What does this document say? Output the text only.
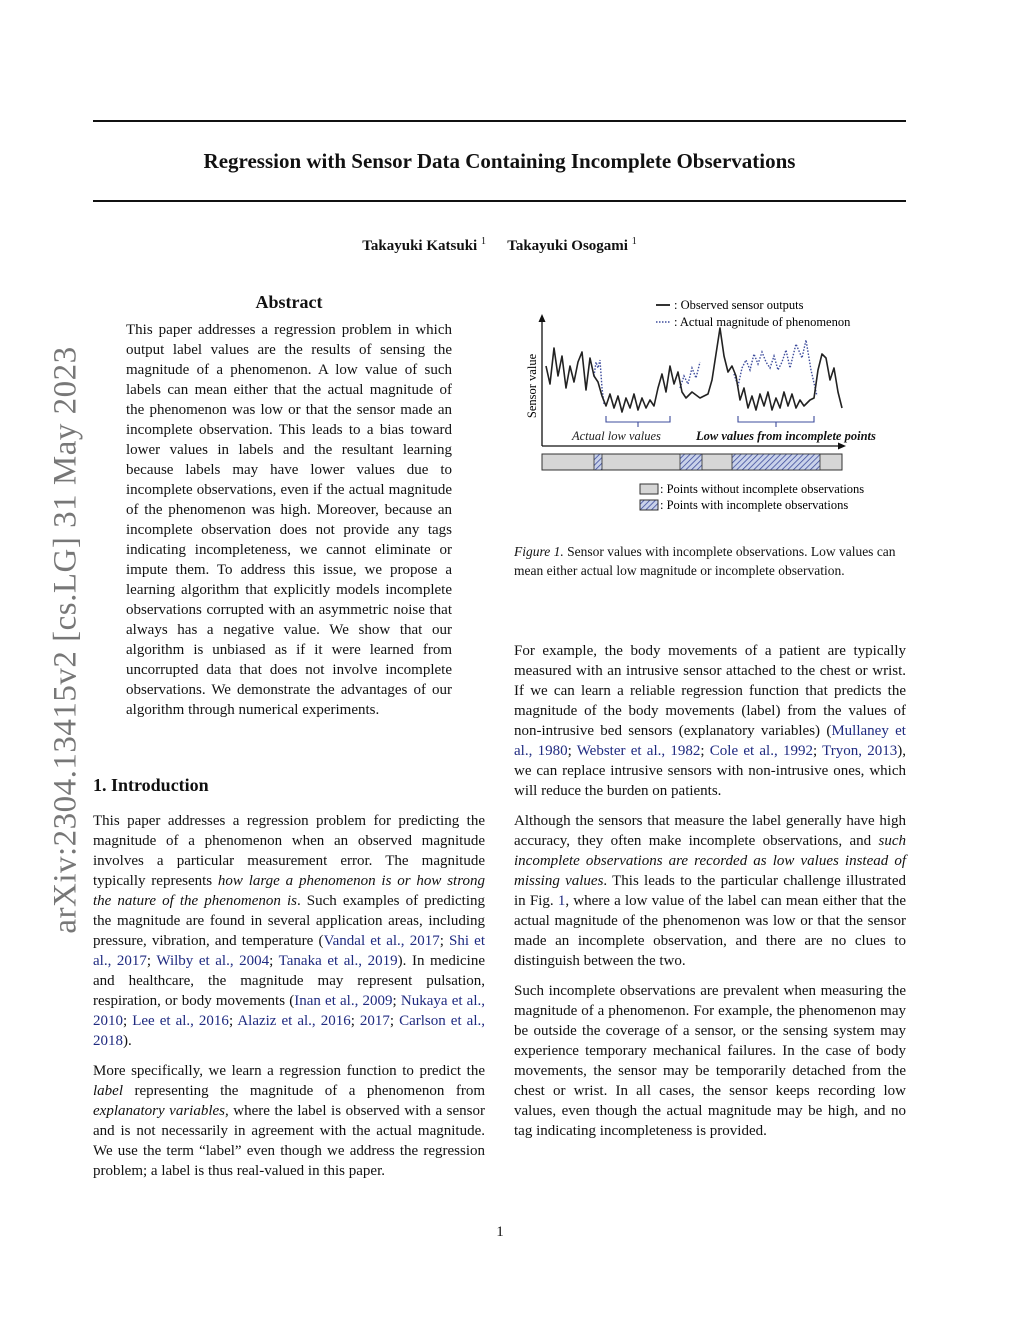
Regression with Sensor Data Containing Incomplete Observations
Takayuki Katsuki $^1$ Takayuki Osogami $^1$
arXiv:2304.13415v2 [cs.LG] 31 May 2023
Abstract
This paper addresses a regression problem in which output label values are the results of sensing the magnitude of a phenomenon. A low value of such labels can mean either that the actual magnitude of the phenomenon was low or that the sensor made an incomplete observation. This leads to a bias toward lower values in labels and the resultant learning because labels may have lower values due to incomplete observations, even if the actual magnitude of the phenomenon was high. Moreover, because an incomplete observation does not provide any tags indicating incompleteness, we cannot eliminate or impute them. To address this issue, we propose a learning algorithm that explicitly models incomplete observations corrupted with an asymmetric noise that always has a negative value. We show that our algorithm is unbiased as if it were learned from uncorrupted data that does not involve incomplete observations. We demonstrate the advantages of our algorithm through numerical experiments.
: Observed sensor outputs
: Actual magnitude of phenomenon
Sensor value
Actual low values	Low values from incomplete points
: Points without incomplete observations
: Points with incomplete observations
Figure 1. Sensor values with incomplete observations. Low values can mean either actual low magnitude or incomplete observation.
1. Introduction

This paper addresses a regression problem for predicting the magnitude of a phenomenon when an observed magnitude involves a particular measurement error. The magnitude typically represents how large a phenomenon is or how strong the nature of the phenomenon is. Such examples of predicting the magnitude are found in several application areas, including pressure, vibration, and temperature (Vandal et al., 2017; Shi et al., 2017; Wilby et al., 2004; Tanaka et al., 2019). In medicine and healthcare, the magnitude may represent pulsation, respiration, or body movements (Inan et al., 2009; Nukaya et al., 2010; Lee et al., 2016; Alaziz et al., 2016; 2017; Carlson et al., 2018).

More specifically, we learn a regression function to predict the label representing the magnitude of a phenomenon from explanatory variables, where the label is observed with a sensor and is not necessarily in agreement with the actual magnitude. We use the term “label” even though we address the regression problem; a label is thus real-valued in this paper.

For example, the body movements of a patient are typically measured with an intrusive sensor attached to the chest or wrist. If we can learn a reliable regression function that predicts the magnitude of the body movements (label) from the values of non-intrusive bed sensors (explanatory variables) (Mullaney et al., 1980; Webster et al., 1982; Cole et al., 1992; Tryon, 2013), we can replace intrusive sensors with non-intrusive ones, which will reduce the burden on patients.

Although the sensors that measure the label generally have high accuracy, they often make incomplete observations, and such incomplete observations are recorded as low values instead of missing values. This leads to the particular challenge illustrated in Fig. 1, where a low value of the label can mean either that the actual magnitude of the phenomenon was low or that the sensor made an incomplete observation, and there are no clues to distinguish between the two.

Such incomplete observations are prevalent when measuring the magnitude of a phenomenon. For example, the phenomenon may be outside the coverage of a sensor, or the sensing system may experience temporary mechanical failures. In the case of body movements, the sensor may be temporarily detached from the chest or wrist. In all cases, the sensor keeps recording low values, even though the actual magnitude may be high, and no tag indicating incompleteness is provided.

1
